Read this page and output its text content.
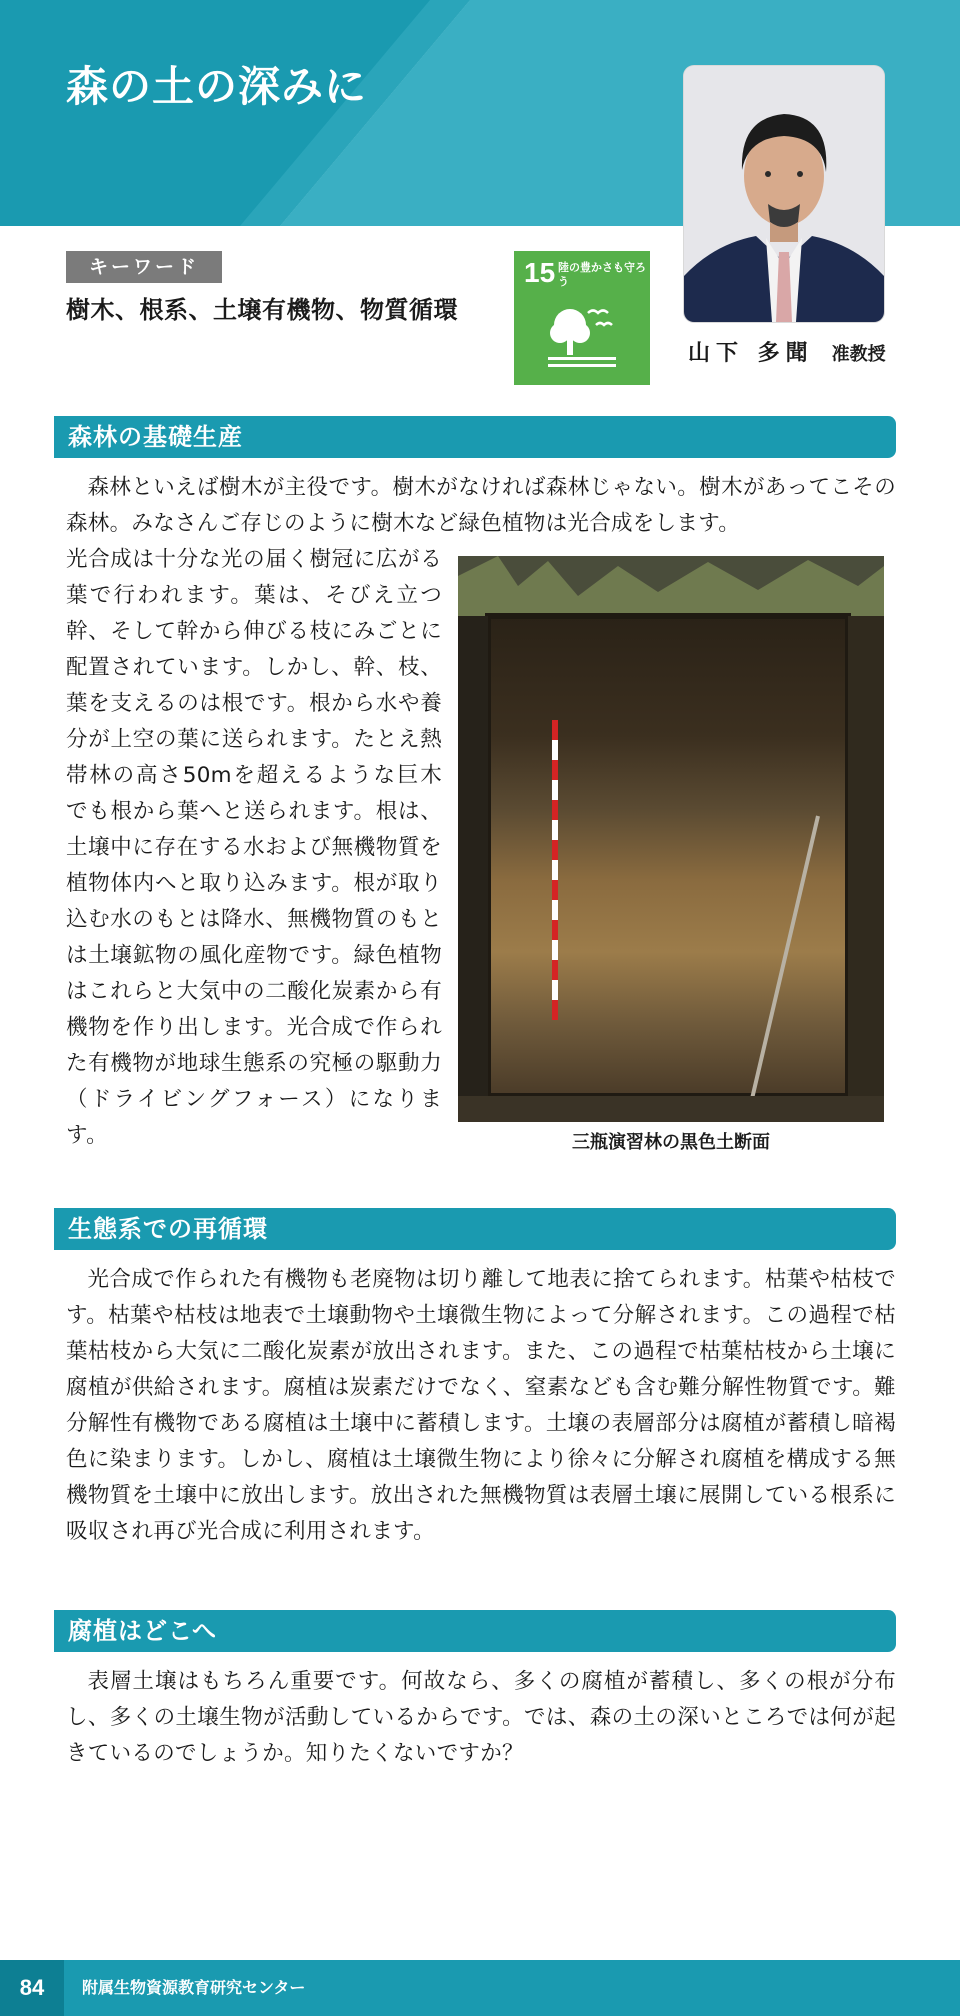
森の土の深みに
山下 多聞 准教授
キーワード
樹木、根系、土壌有機物、物質循環
15 陸の豊かさも守ろう
森林の基礎生産

森林といえば樹木が主役です。樹木がなければ森林じゃない。樹木があってこその森林。みなさんご存じのように樹木など緑色植物は光合成をします。

光合成は十分な光の届く樹冠に広がる葉で行われます。葉は、そびえ立つ幹、そして幹から伸びる枝にみごとに配置されています。しかし、幹、枝、葉を支えるのは根です。根から水や養分が上空の葉に送られます。たとえ熱帯林の高さ50mを超えるような巨木でも根から葉へと送られます。根は、土壌中に存在する水および無機物質を植物体内へと取り込みます。根が取り込む水のもとは降水、無機物質のもとは土壌鉱物の風化産物です。緑色植物はこれらと大気中の二酸化炭素から有機物を作り出します。光合成で作られた有機物が地球生態系の究極の駆動力（ドライビングフォース）になります。	三瓶演習林の黒色土断面
生態系での再循環

光合成で作られた有機物も老廃物は切り離して地表に捨てられます。枯葉や枯枝です。枯葉や枯枝は地表で土壌動物や土壌微生物によって分解されます。この過程で枯葉枯枝から大気に二酸化炭素が放出されます。また、この過程で枯葉枯枝から土壌に腐植が供給されます。腐植は炭素だけでなく、窒素なども含む難分解性物質です。難分解性有機物である腐植は土壌中に蓄積します。土壌の表層部分は腐植が蓄積し暗褐色に染まります。しかし、腐植は土壌微生物により徐々に分解され腐植を構成する無機物質を土壌中に放出します。放出された無機物質は表層土壌に展開している根系に吸収され再び光合成に利用されます。

腐植はどこへ

表層土壌はもちろん重要です。何故なら、多くの腐植が蓄積し、多くの根が分布し、多くの土壌生物が活動しているからです。では、森の土の深いところでは何が起きているのでしょうか。知りたくないですか？

84	附属生物資源教育研究センター
